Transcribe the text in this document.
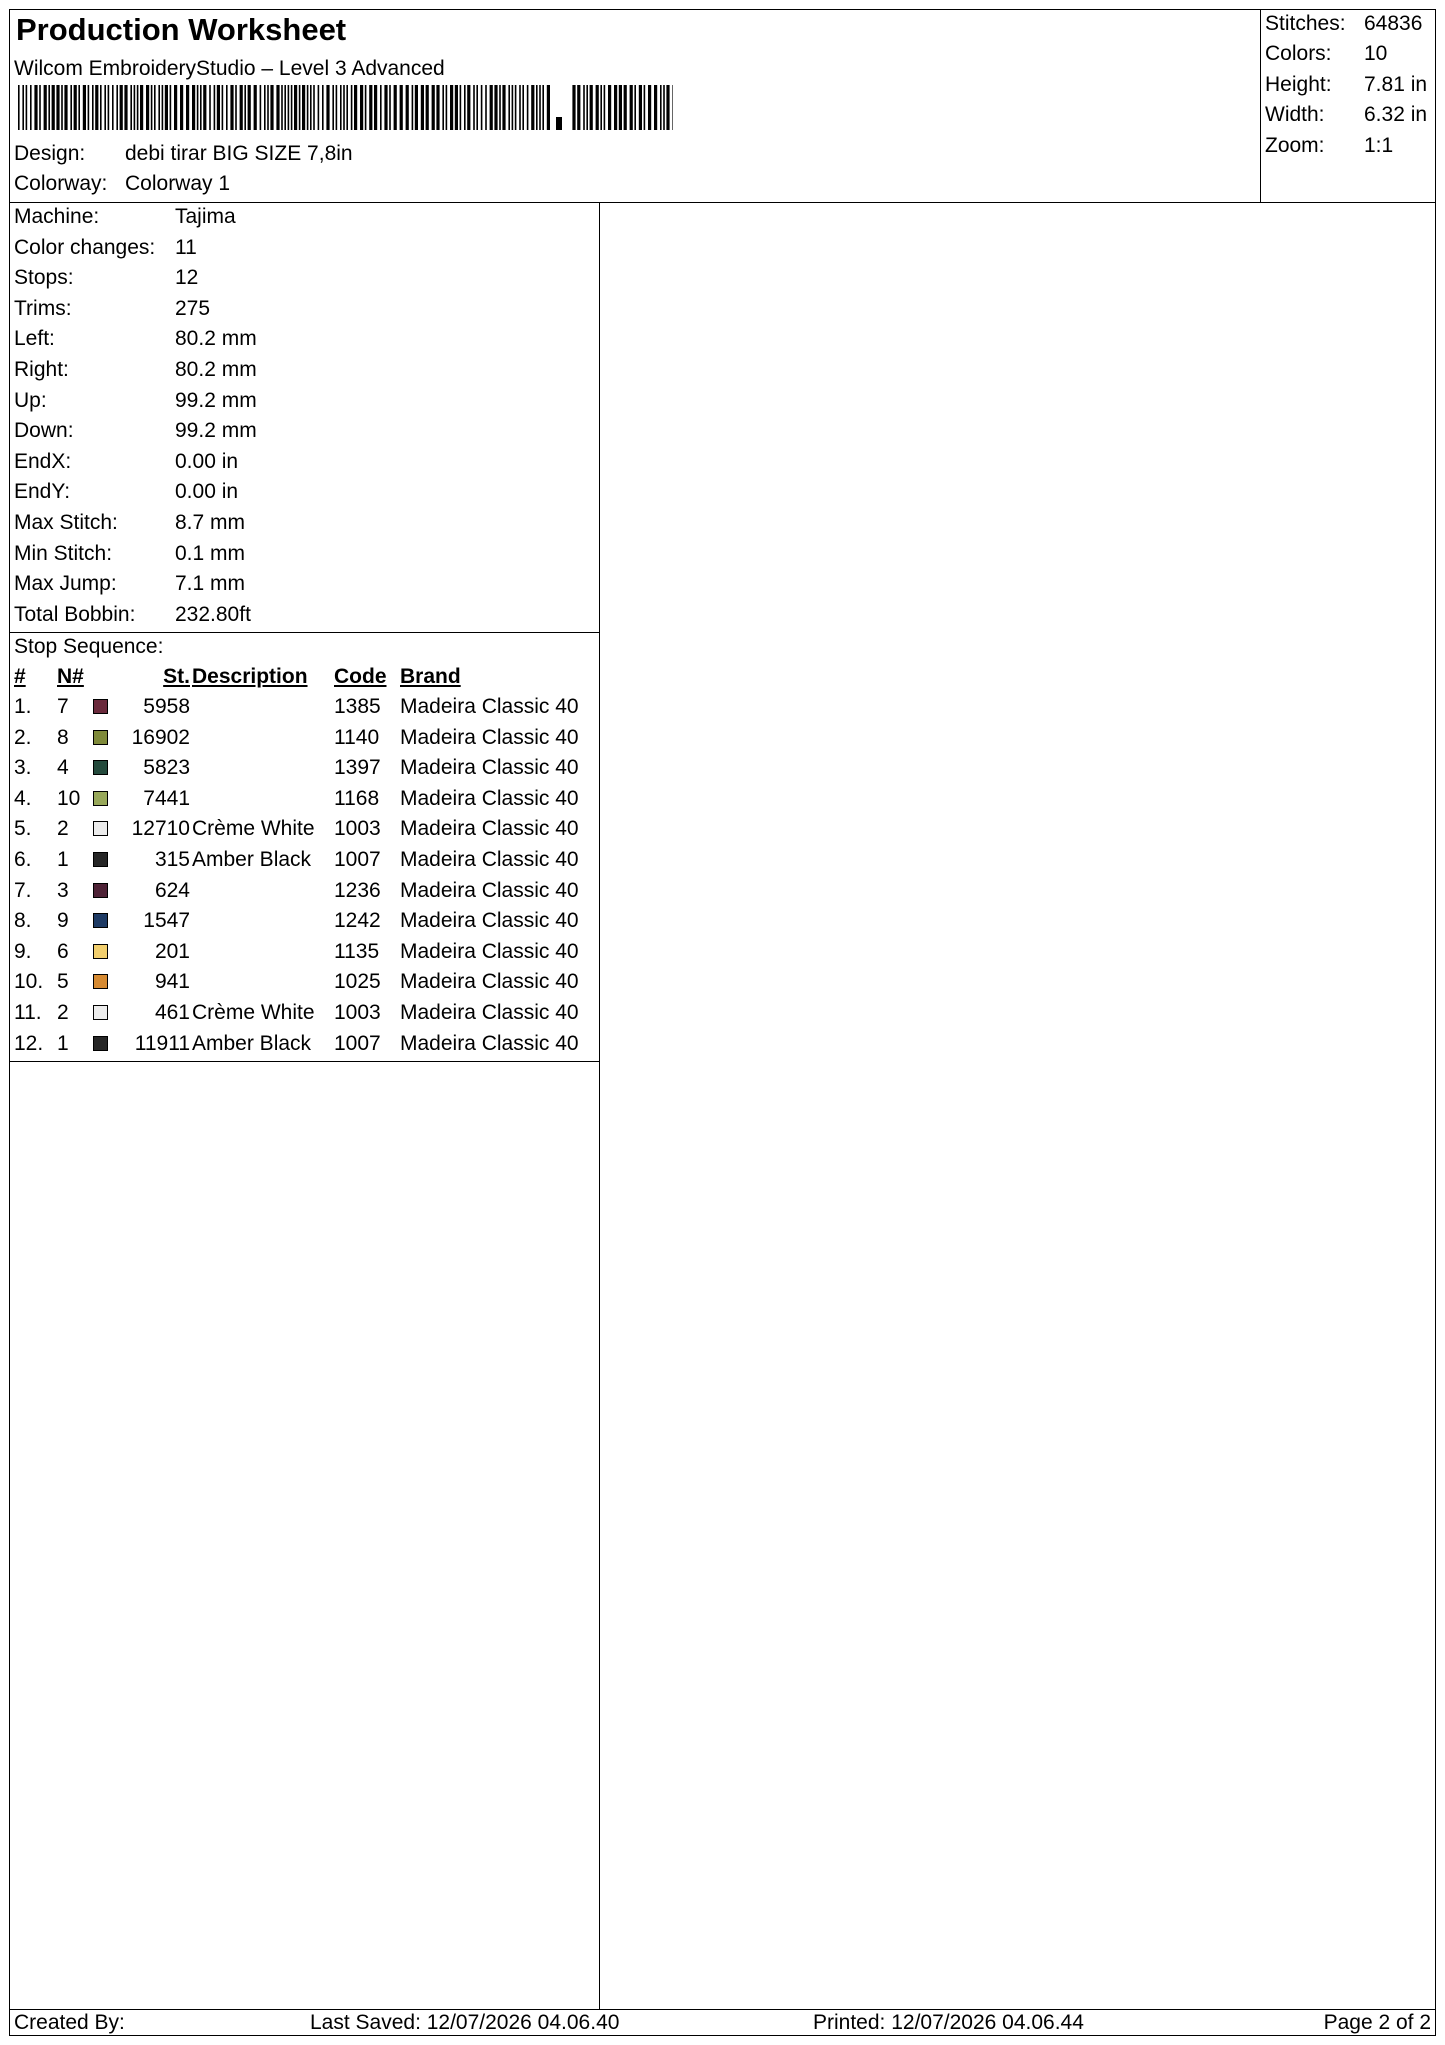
Production Worksheet
Wilcom EmbroideryStudio – Level 3 Advanced
Design: debi tirar BIG SIZE 7,8in
Colorway: Colorway 1
Stitches: 64836
Colors: 10
Height: 7.81 in
Width: 6.32 in
Zoom: 1:1
Machine:	Tajima
Color changes: 11
Stops:	12
Trims:	275
Left:	80.2 mm
Right:	80.2 mm
Up:	99.2 mm
Down:	99.2 mm
EndX:	0.00 in
EndY:	0.00 in
Max Stitch:	8.7 mm
Min Stitch:	0.1 mm
Max Jump:	7.1 mm
Total Bobbin: 232.80ft
Stop Sequence:
# N#	St. Description Code Brand
1. 7	5958	1385 Madeira Classic 40
2. 8	16902	1140 Madeira Classic 40
3. 4	5823	1397 Madeira Classic 40
4. 10	7441	1168 Madeira Classic 40
5. 2	12710 Crème White 1003 Madeira Classic 40
6. 1	315 Amber Black 1007 Madeira Classic 40
7. 3	624	1236 Madeira Classic 40
8. 9	1547	1242 Madeira Classic 40
9. 6	201	1135 Madeira Classic 40
10. 5	941	1025 Madeira Classic 40
11. 2	461 Crème White 1003 Madeira Classic 40
12. 1	11911 Amber Black 1007 Madeira Classic 40
Created By:	Last Saved: 12/07/2026 04.06.40	Printed: 12/07/2026 04.06.44	Page 2 of 2
